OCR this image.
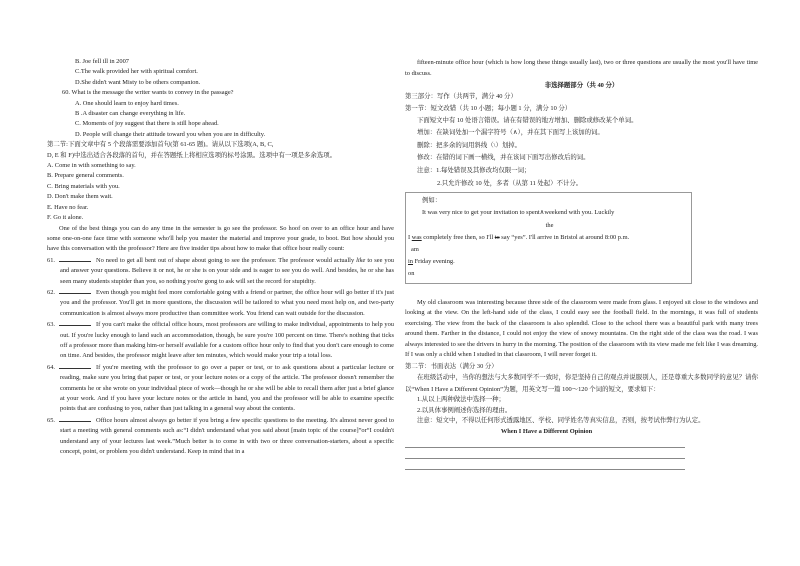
B. Joe fell ill in 2007

C.The walk provided her with spiritual comfort.

D.She didn't want Misty to be others companion.

60. What is the message the writer wants to convey in the passage?

A. One should learn to enjoy hard times.

B .A disaster can change everything in life.

C. Moments of joy suggest that there is still hope ahead.

D. People will change their attitude toward you when you are in difficulty.

第二节:下面文章中有 5 个段落需要添加首句(第 61-65 题)。请从以下选项(A, B, C,

D, E 和 F)中选出适合各段落的首句，并在答题纸上将相应选项的标号涂黑。选项中有一项是多余选项。

A. Come in with something to say.

B. Prepare general comments.

C. Bring materials with you.

D. Don't make them wait.

E. Have no fear.

F. Go it alone.

One of the best things you can do any time in the semester is go see the professor. So hoof on over to an office hour and have some one-on-one face time with someone who'll help you master the material and improve your grade, to boot. But how should you have this conversation with the professor? Here are five insider tips about how to make that office hour really count:

61.	No need to get all bent out of shape about going to see the professor. The professor would actually like to see you and answer your questions. Believe it or not, he or she is on your side and is eager to see you do well. And besides, he or she has seen many students stupider than you, so nothing you're gong to ask will set the record for stupidity.

62.	Even though you might feel more comfortable going with a friend or partner, the office hour will go better if it's just you and the professor. You'll get in more questions, the discussion will be tailored to what you need most help on, and two-party communication is almost always more productive than committee work. You friend can wait outside for the discussion.

63.	If you can't make the official office hours, most professors are willing to make individual, appointments to help you out. If you're lucky enough to land such an accommodation, though, be sure you're 100 percent on time. There's nothing that ticks off a professor more than making him-or herself available for a custom office hour only to find that you don't care enough to come on time. And besides, the professor might leave after ten minutes, which would make your trip a total loss.

64.	If you're meeting with the professor to go over a paper or test, or to ask questions about a particular lecture or reading, make sure you bring that paper or test, or your lecture notes or a copy of the article. The professor doesn't remember the comments he or she wrote on your individual piece of work—though he or she will be able to recall them after just a brief glance at your work. And if you have your lecture notes or the article in hand, you and the professor will be able to examine specific points that are confusing to you, rather than just talking in a general way about the contents.

65.	Office hours almost always go better if you bring a few specific questions to the meeting. It's almost never good to start a meeting with general comments such as:“I didn't understand what you said about [main topic of the course]”or“I couldn't understand any of your lectures last week.”Much better is to come in with two or three conversation-starters, about a specific concept, point, or problem you didn't understand. Keep in mind that in a

fifteen-minute office hour (which is how long these things usually last), two or three questions are usually the most you'll have time to discuss.

非选择题部分（共 40 分）

第三部分：写作（共两节，满分 40 分）

第一节：短文改错（共 10 小题；每小题 1 分，满分 10 分）

下面短文中有 10 处语言错误。请在有错误的地方增加、删除或修改某个单词。

增加：在缺词处加一个漏字符号（∧），并在其下面写上该加的词。

删除：把多余的词用斜线（\）划掉。

修改：在错的词下画一横线，并在该词下面写出修改后的词。

注意：1.每处错误及其修改均仅限一词；

2.只允许修改 10 处，多者（从第 11 处起）不计分。

例如：

It was very nice to get your invitation to spent∧weekend with you. Luckily

the

I was completely free then, so I'll to say “yes”. I'll arrive in Bristol at around 8:00 p.m.

am

in Friday evening.

on

My old classroom was interesting because three side of the classroom were made from glass. I enjoyed sit close to the windows and looking at the view. On the left-hand side of the class, I could easy see the football field. In the mornings, it was full of students exercising. The view from the back of the classroom is also splendid. Close to the school there was a beautiful park with many trees around them. Farther in the distance, I could not enjoy the view of snowy mountains. On the right side of the class was the road. I was always interested to see the drivers in hurry in the morning. The position of the classroom with its view made me felt like I was dreaming. If I was only a child when I studied in that classroom, I will never forget it.

第二节：书面表达（满分 30 分）

在班级活动中，当你的想法与大多数同学不一致时，你是坚持自己的观点并说服别人，还是尊重大多数同学的意见？请你以“When I Have a Different Opinion”为题，用英文写一篇 100～120 个词的短文，要求如下：

1.从以上两种做法中选择一种；

2.以具体事例阐述你选择的理由。

注意：短文中，不得以任何形式透露地区、学校、同学姓名等真实信息，否则，按考试作弊行为认定。

When I Have a Different Opinion
